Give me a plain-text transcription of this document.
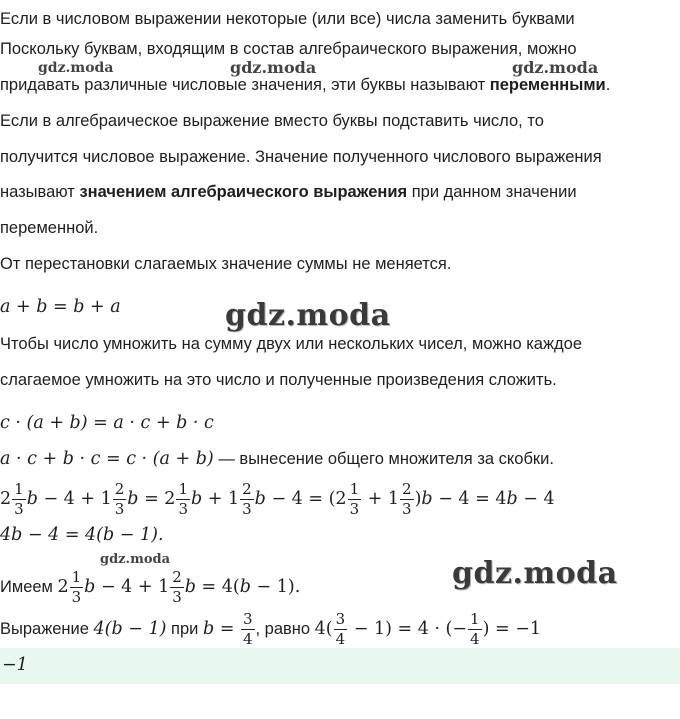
Если в числовом выражении некоторые (или все) числа заменить буквами
Поскольку буквам, входящим в состав алгебраического выражения, можно
придавать различные числовые значения, эти буквы называют переменными.
Если в алгебраическое выражение вместо буквы подставить число, то
получится числовое выражение. Значение полученного числового выражения
называют значением алгебраического выражения при данном значении
переменной.
От перестановки слагаемых значение суммы не меняется.
a + b = b + a
Чтобы число умножить на сумму двух или нескольких чисел, можно каждое
слагаемое умножить на это число и полученные произведения сложить.
c · (a + b) = a · c + b · c
a · c + b · c = c · (a + b) — вынесение общего множителя за скобки.
$2 \frac{1}{3}$ $b - 4 + 1 \frac{2}{3}$ $b = 2 \frac{1}{3}$ $b + 1 \frac{2}{3}$ $b - 4 = (2 \frac{1}{3} + 1 \frac{2}{3} )b - 4 = 4b - 4$
4b − 4 = 4(b − 1).
Имеем $2 \frac{1}{3}$ $b - 4 + 1 \frac{2}{3}$ b = 4(b − 1).
Выражение 4(b − 1) при $b = \frac{3}{4}$ , равно $4( \frac{3}{4} - 1) = 4$ · (− $\frac{1}{4}$ ) = −1
−1
gdz.moda	gdz.moda	gdz.moda
gdz.moda
gdz.moda	gdz.moda
